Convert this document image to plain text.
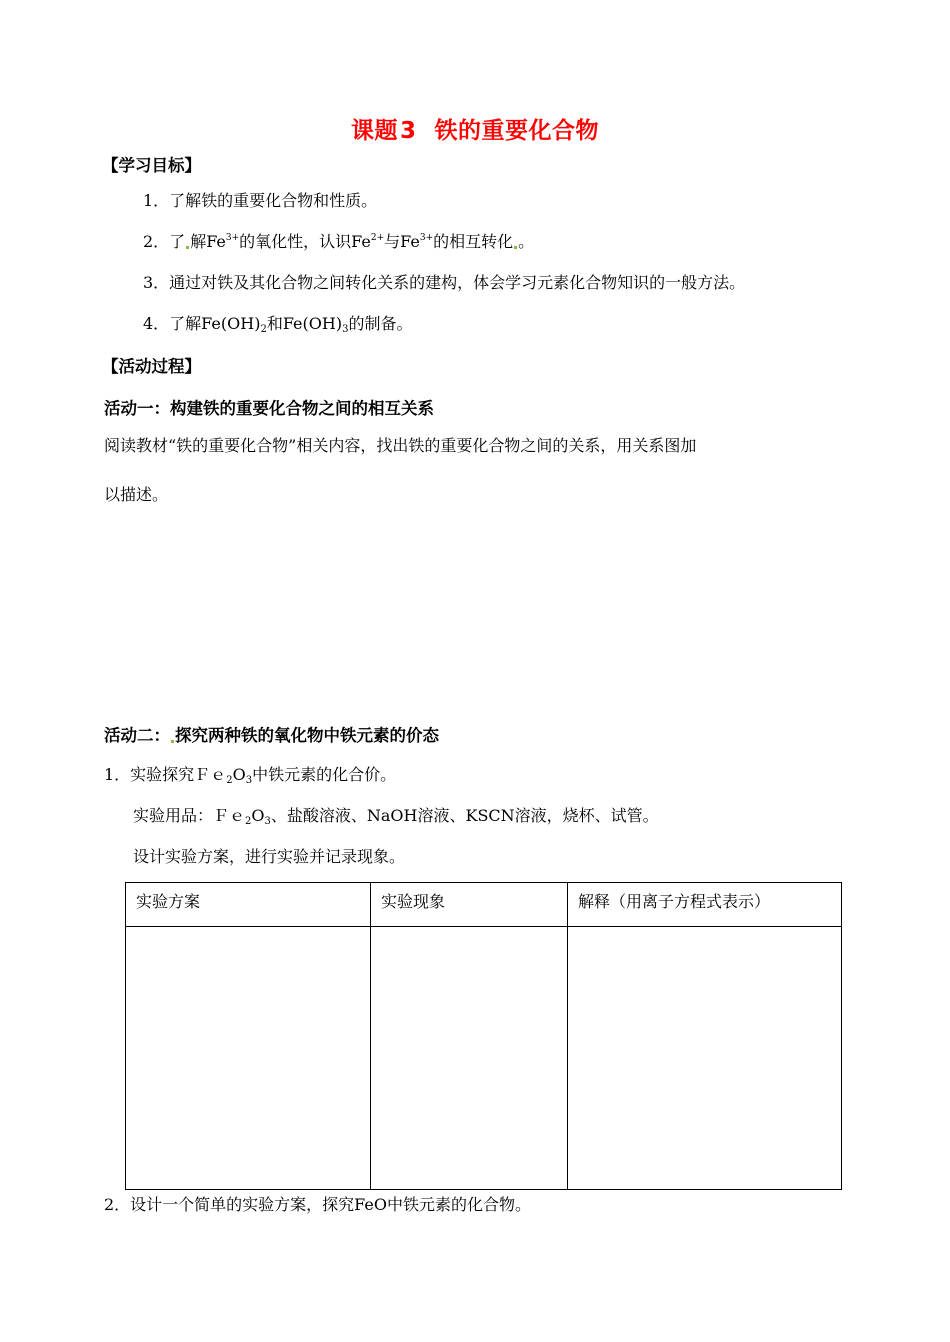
课题3 铁的重要化合物
【学习目标】
1．了解铁的重要化合物和性质。
2．了 解$Fe^{3+}$的氧化性，认识$Fe^{2+}$与$Fe^{3+}$的相互转化 。
3．通过对铁及其化合物之间转化关系的建构，体会学习元素化合物知识的一般方法。
4．了解$Fe(OH)_2$和$Fe(OH)_3$的制备。
【活动过程】
活动一：构建铁的重要化合物之间的相互关系
阅读教材“铁的重要化合物”相关内容，找出铁的重要化合物之间的关系，用关系图加
以描述。
活动二： 探究两种铁的氧化物中铁元素的价态
1．实验探究$Fe_2O_3$中铁元素的化合价。
实验用品：$Fe_2O_3$、盐酸溶液、NaOH溶液、KSCN溶液，烧杯、试管。
设计实验方案，进行实验并记录现象。
实验方案	实验现象	解释（用离子方程式表示）

2．设计一个简单的实验方案，探究FeO中铁元素的化合物。
